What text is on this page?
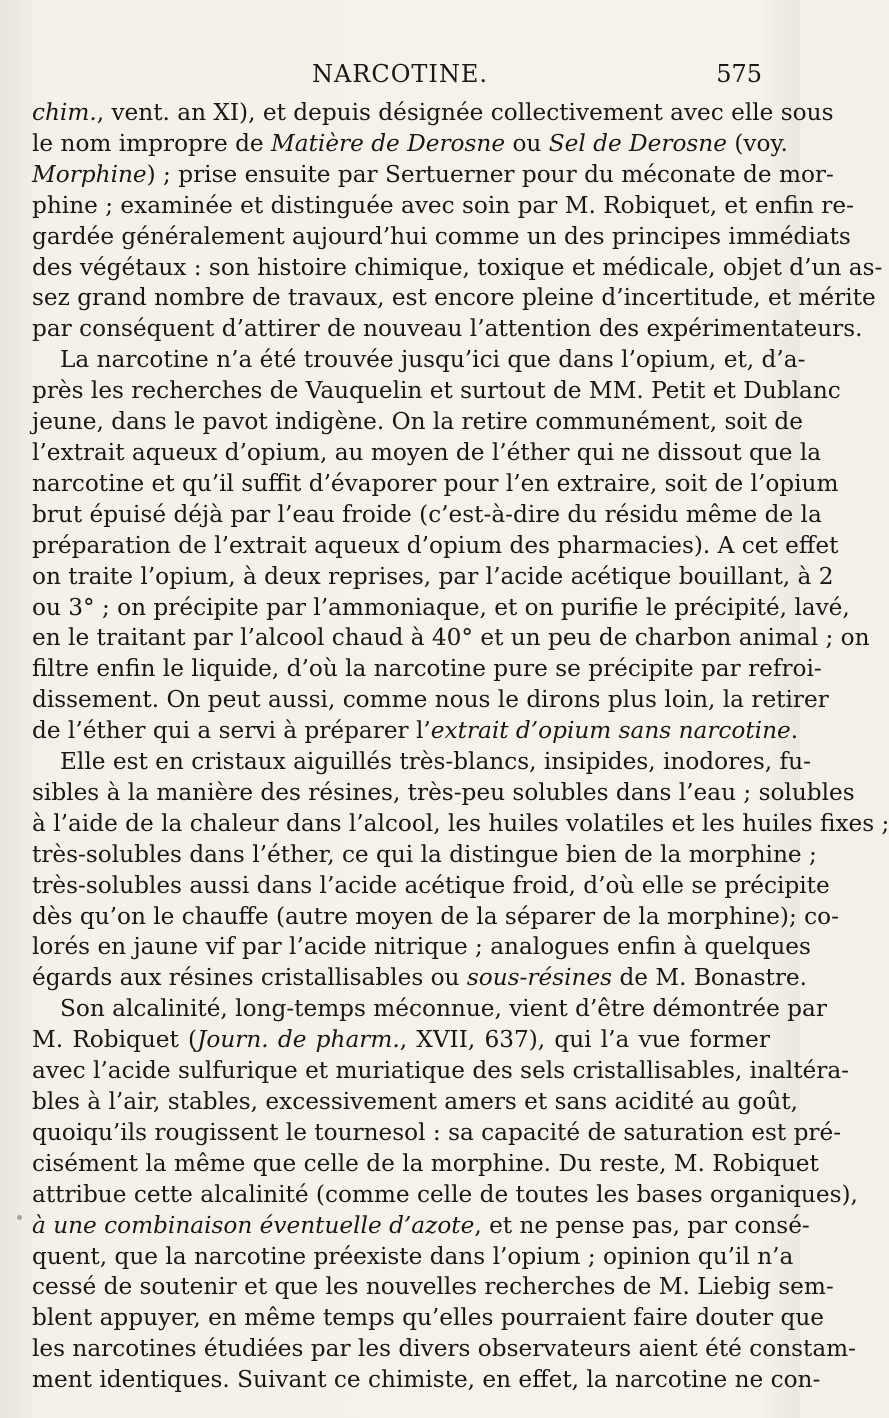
NARCOTINE.	575
chim., vent. an XI), et depuis désignée collectivement avec elle sous
le nom impropre de Matière de Derosne ou Sel de Derosne (voy.
Morphine) ; prise ensuite par Sertuerner pour du méconate de mor-
phine ; examinée et distinguée avec soin par M. Robiquet, et enfin re-
gardée généralement aujourd’hui comme un des principes immédiats
des végétaux : son histoire chimique, toxique et médicale, objet d’un as-
sez grand nombre de travaux, est encore pleine d’incertitude, et mérite
par conséquent d’attirer de nouveau l’attention des expérimentateurs.
La narcotine n’a été trouvée jusqu’ici que dans l’opium, et, d’a-
près les recherches de Vauquelin et surtout de MM. Petit et Dublanc
jeune, dans le pavot indigène. On la retire communément, soit de
l’extrait aqueux d’opium, au moyen de l’éther qui ne dissout que la
narcotine et qu’il suffit d’évaporer pour l’en extraire, soit de l’opium
brut épuisé déjà par l’eau froide (c’est-à-dire du résidu même de la
préparation de l’extrait aqueux d’opium des pharmacies). A cet effet
on traite l’opium, à deux reprises, par l’acide acétique bouillant, à 2
ou 3° ; on précipite par l’ammoniaque, et on purifie le précipité, lavé,
en le traitant par l’alcool chaud à 40° et un peu de charbon animal ; on
filtre enfin le liquide, d’où la narcotine pure se précipite par refroi-
dissement. On peut aussi, comme nous le dirons plus loin, la retirer
de l’éther qui a servi à préparer l’extrait d’opium sans narcotine.
Elle est en cristaux aiguillés très-blancs, insipides, inodores, fu-
sibles à la manière des résines, très-peu solubles dans l’eau ; solubles
à l’aide de la chaleur dans l’alcool, les huiles volatiles et les huiles fixes ;
très-solubles dans l’éther, ce qui la distingue bien de la morphine ;
très-solubles aussi dans l’acide acétique froid, d’où elle se précipite
dès qu’on le chauffe (autre moyen de la séparer de la morphine); co-
lorés en jaune vif par l’acide nitrique ; analogues enfin à quelques
égards aux résines cristallisables ou sous-résines de M. Bonastre.
Son alcalinité, long-temps méconnue, vient d’être démontrée par
M. Robiquet (Journ. de pharm., XVII, 637), qui l’a vue former
avec l’acide sulfurique et muriatique des sels cristallisables, inaltéra-
bles à l’air, stables, excessivement amers et sans acidité au goût,
quoiqu’ils rougissent le tournesol : sa capacité de saturation est pré-
cisément la même que celle de la morphine. Du reste, M. Robiquet
attribue cette alcalinité (comme celle de toutes les bases organiques),
à une combinaison éventuelle d’azote, et ne pense pas, par consé-
quent, que la narcotine préexiste dans l’opium ; opinion qu’il n’a
cessé de soutenir et que les nouvelles recherches de M. Liebig sem-
blent appuyer, en même temps qu’elles pourraient faire douter que
les narcotines étudiées par les divers observateurs aient été constam-
ment identiques. Suivant ce chimiste, en effet, la narcotine ne con-
